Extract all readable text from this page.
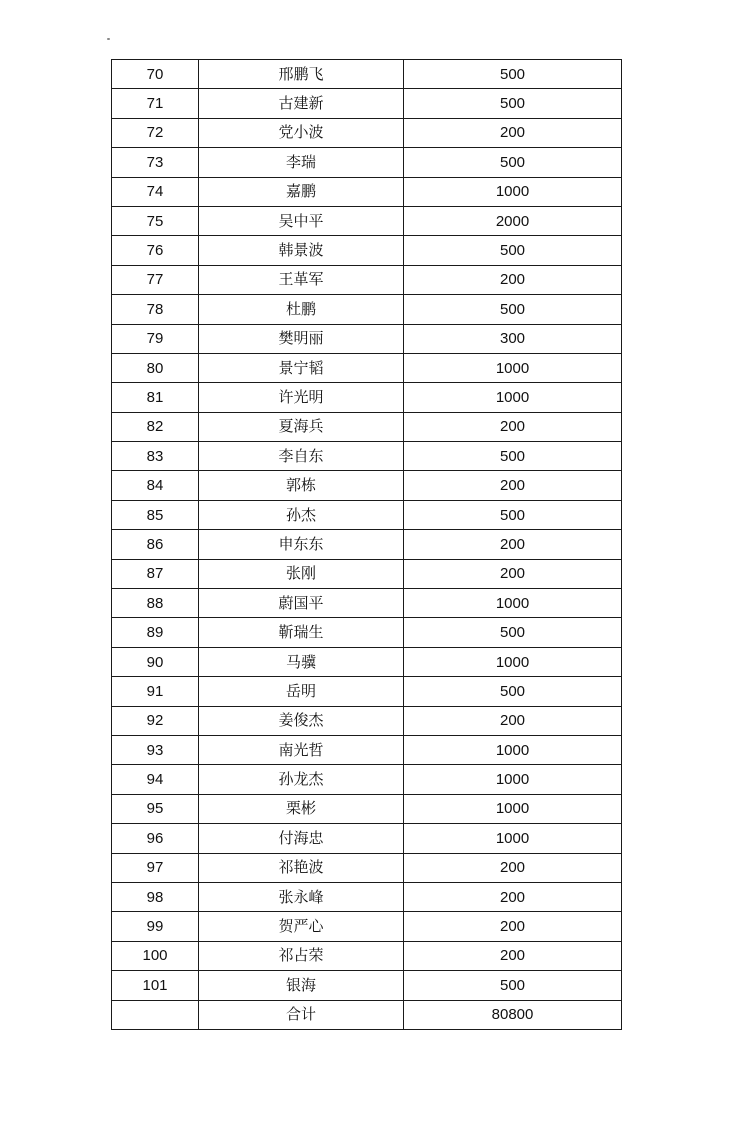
70	邢鹏飞	500
71	古建新	500
72	党小波	200
73	李瑞	500
74	嘉鹏	1000
75	吴中平	2000
76	韩景波	500
77	王革军	200
78	杜鹏	500
79	樊明丽	300
80	景宁韬	1000
81	许光明	1000
82	夏海兵	200
83	李自东	500
84	郭栋	200
85	孙杰	500
86	申东东	200
87	张刚	200
88	蔚国平	1000
89	靳瑞生	500
90	马骥	1000
91	岳明	500
92	姜俊杰	200
93	南光哲	1000
94	孙龙杰	1000
95	栗彬	1000
96	付海忠	1000
97	祁艳波	200
98	张永峰	200
99	贺严心	200
100	祁占荣	200
101	银海	500
	合计	80800
